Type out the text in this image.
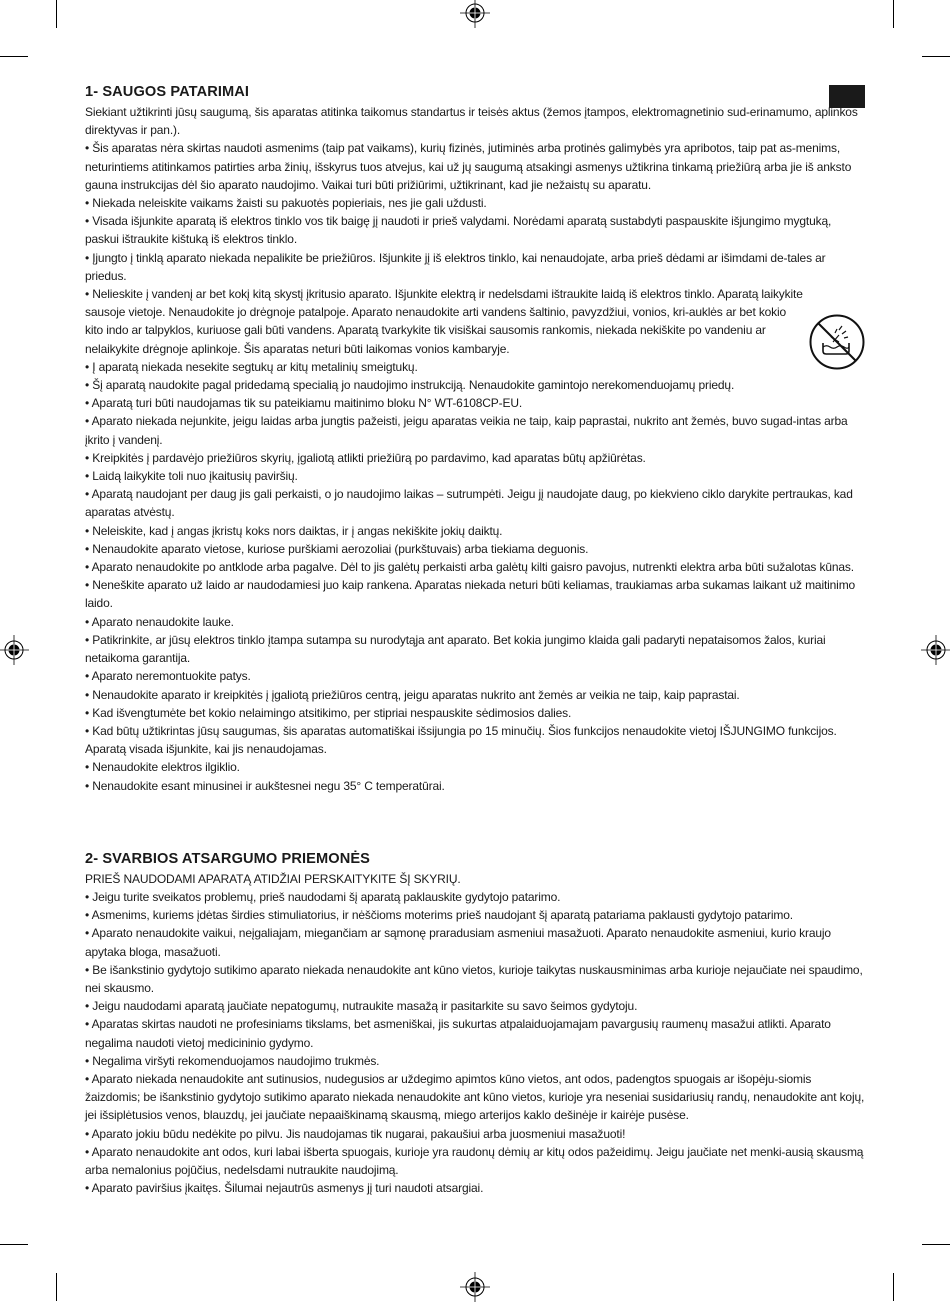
1- SAUGOS PATARIMAI

Siekiant užtikrinti jūsų saugumą, šis aparatas atitinka taikomus standartus ir teisės aktus (žemos įtampos, elektromagnetinio sud-erinamumo, aplinkos direktyvas ir pan.).

• Šis aparatas nėra skirtas naudoti asmenims (taip pat vaikams), kurių fizinės, jutiminės arba protinės galimybės yra apribotos, taip pat as-menims, neturintiems atitinkamos patirties arba žinių, išskyrus tuos atvejus, kai už jų saugumą atsakingi asmenys užtikrina tinkamą priežiūrą arba jie iš anksto gauna instrukcijas dėl šio aparato naudojimo. Vaikai turi būti prižiūrimi, užtikrinant, kad jie nežaistų su aparatu.

• Niekada neleiskite vaikams žaisti su pakuotės popieriais, nes jie gali uždusti.

• Visada išjunkite aparatą iš elektros tinklo vos tik baigę jį naudoti ir prieš valydami. Norėdami aparatą sustabdyti paspauskite išjungimo mygtuką, paskui ištraukite kištuką iš elektros tinklo.

• Įjungto į tinklą aparato niekada nepalikite be priežiūros. Išjunkite jį iš elektros tinklo, kai nenaudojate, arba prieš dėdami ar išimdami de-tales ar priedus.

• Nelieskite į vandenį ar bet kokį kitą skystį įkritusio aparato. Išjunkite elektrą ir nedelsdami ištraukite laidą iš elektros tinklo. Aparatą laikykite sausoje vietoje. Nenaudokite jo drėgnoje patalpoje. Aparato nenaudokite arti vandens šaltinio, pavyzdžiui, vonios, kri-auklės ar bet kokio kito indo ar talpyklos, kuriuose gali būti vandens. Aparatą tvarkykite tik visiškai sausomis rankomis, niekada nekiškite po vandeniu ar nelaikykite drėgnoje aplinkoje. Šis aparatas neturi būti laikomas vonios kambaryje.

• Į aparatą niekada nesekite segtukų ar kitų metalinių smeigtukų.

• Šį aparatą naudokite pagal pridedamą specialią jo naudojimo instrukciją. Nenaudokite gamintojo nerekomenduojamų priedų.

• Aparatą turi būti naudojamas tik su pateikiamu maitinimo bloku N° WT-6108CP-EU.

• Aparato niekada nejunkite, jeigu laidas arba jungtis pažeisti, jeigu aparatas veikia ne taip, kaip paprastai, nukrito ant žemės, buvo sugad-intas arba įkrito į vandenį.

• Kreipkitės į pardavėjo priežiūros skyrių, įgaliotą atlikti priežiūrą po pardavimo, kad aparatas būtų apžiūrėtas.

• Laidą laikykite toli nuo įkaitusių paviršių.

• Aparatą naudojant per daug jis gali perkaisti, o jo naudojimo laikas – sutrumpėti. Jeigu jį naudojate daug, po kiekvieno ciklo darykite pertraukas, kad aparatas atvėstų.

• Neleiskite, kad į angas įkristų koks nors daiktas, ir į angas nekiškite jokių daiktų.

• Nenaudokite aparato vietose, kuriose purškiami aerozoliai (purkštuvais) arba tiekiama deguonis.

• Aparato nenaudokite po antklode arba pagalve. Dėl to jis galėtų perkaisti arba galėtų kilti gaisro pavojus, nutrenkti elektra arba būti sužalotas kūnas.

• Neneškite aparato už laido ar naudodamiesi juo kaip rankena. Aparatas niekada neturi būti keliamas, traukiamas arba sukamas laikant už maitinimo laido.

• Aparato nenaudokite lauke.

• Patikrinkite, ar jūsų elektros tinklo įtampa sutampa su nurodytąja ant aparato. Bet kokia jungimo klaida gali padaryti nepataisomos žalos, kuriai netaikoma garantija.

• Aparato neremontuokite patys.

• Nenaudokite aparato ir kreipkitės į įgaliotą priežiūros centrą, jeigu aparatas nukrito ant žemės ar veikia ne taip, kaip paprastai.

• Kad išvengtumėte bet kokio nelaimingo atsitikimo, per stipriai nespauskite sėdimosios dalies.

• Kad būtų užtikrintas jūsų saugumas, šis aparatas automatiškai išsijungia po 15 minučių. Šios funkcijos nenaudokite vietoj IŠJUNGIMO funkcijos. Aparatą visada išjunkite, kai jis nenaudojamas.

• Nenaudokite elektros ilgiklio.

• Nenaudokite esant minusinei ir aukštesnei negu 35° C temperatūrai.

2- SVARBIOS ATSARGUMO PRIEMONĖS

PRIEŠ NAUDODAMI APARATĄ ATIDŽIAI PERSKAITYKITE ŠĮ SKYRIŲ.

• Jeigu turite sveikatos problemų, prieš naudodami šį aparatą paklauskite gydytojo patarimo.

• Asmenims, kuriems įdėtas širdies stimuliatorius, ir nėščioms moterims prieš naudojant šį aparatą patariama paklausti gydytojo patarimo.

• Aparato nenaudokite vaikui, neįgaliajam, miegančiam ar sąmonę praradusiam asmeniui masažuoti. Aparato nenaudokite asmeniui, kurio kraujo apytaka bloga, masažuoti.

• Be išankstinio gydytojo sutikimo aparato niekada nenaudokite ant kūno vietos, kurioje taikytas nuskausminimas arba kurioje nejaučiate nei spaudimo, nei skausmo.

• Jeigu naudodami aparatą jaučiate nepatogumų, nutraukite masažą ir pasitarkite su savo šeimos gydytoju.

• Aparatas skirtas naudoti ne profesiniams tikslams, bet asmeniškai, jis sukurtas atpalaiduojamajam pavargusių raumenų masažui atlikti. Aparato negalima naudoti vietoj medicininio gydymo.

• Negalima viršyti rekomenduojamos naudojimo trukmės.

• Aparato niekada nenaudokite ant sutinusios, nudegusios ar uždegimo apimtos kūno vietos, ant odos, padengtos spuogais ar išopėju-siomis žaizdomis; be išankstinio gydytojo sutikimo aparato niekada nenaudokite ant kūno vietos, kurioje yra neseniai susidariusių randų, nenaudokite ant kojų, jei išsiplėtusios venos, blauzdų, jei jaučiate nepaaiškinamą skausmą, miego arterijos kaklo dešinėje ir kairėje pusėse.

• Aparato jokiu būdu nedėkite po pilvu. Jis naudojamas tik nugarai, pakaušiui arba juosmeniui masažuoti!

• Aparato nenaudokite ant odos, kuri labai išberta spuogais, kurioje yra raudonų dėmių ar kitų odos pažeidimų. Jeigu jaučiate net menki-ausią skausmą arba nemalonius pojūčius, nedelsdami nutraukite naudojimą.

• Aparato paviršius įkaitęs. Šilumai nejautrūs asmenys jį turi naudoti atsargiai.
